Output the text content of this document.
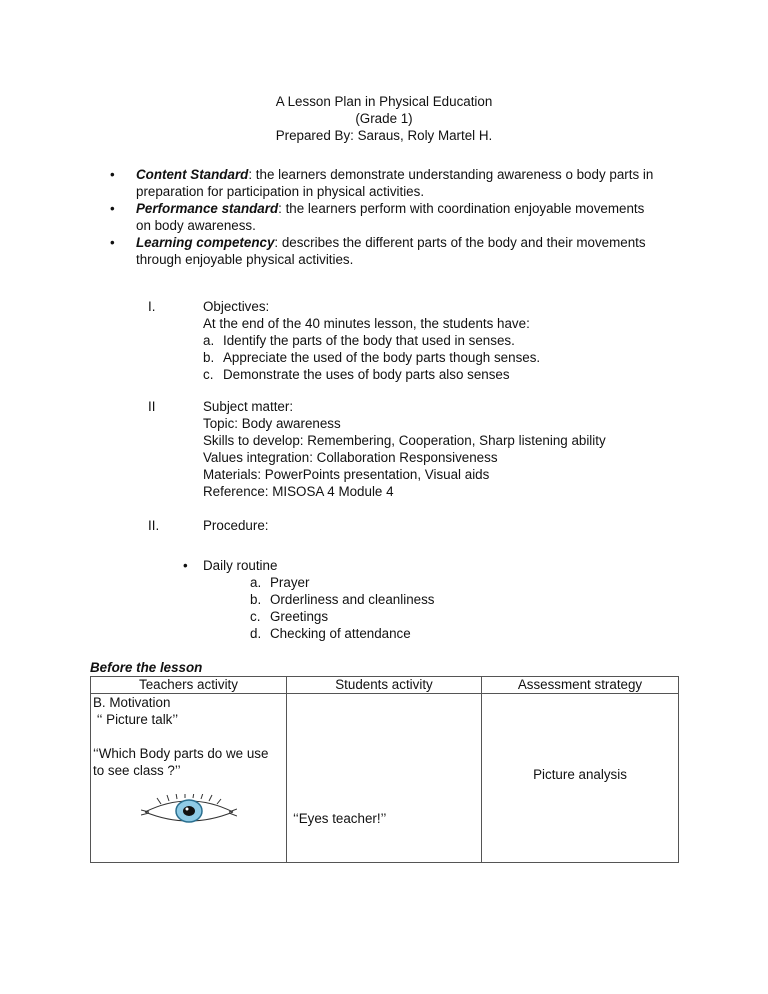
A Lesson Plan in Physical Education
(Grade 1)
Prepared By: Saraus, Roly Martel H.
• Content Standard: the learners demonstrate understanding awareness o body parts in
preparation for participation in physical activities.
• Performance standard: the learners perform with coordination enjoyable movements
on body awareness.
• Learning competency: describes the different parts of the body and their movements
through enjoyable physical activities.
I.	Objectives:
At the end of the 40 minutes lesson, the students have:
a. Identify the parts of the body that used in senses.
b. Appreciate the used of the body parts though senses.
c. Demonstrate the uses of body parts also senses
II	Subject matter:
Topic: Body awareness
Skills to develop: Remembering, Cooperation, Sharp listening ability
Values integration: Collaboration Responsiveness
Materials: PowerPoints presentation, Visual aids
Reference: MISOSA 4 Module 4
II.	Procedure:
• Daily routine
a. Prayer
b. Orderliness and cleanliness
c. Greetings
d. Checking of attendance
Before the lesson
Teachers activity	Students activity	Assessment strategy

B. Motivation
‘‘ Picture talk’’
‘‘Which Body parts do we use
to see class ?’’	‘‘Eyes teacher!’’	Picture analysis
